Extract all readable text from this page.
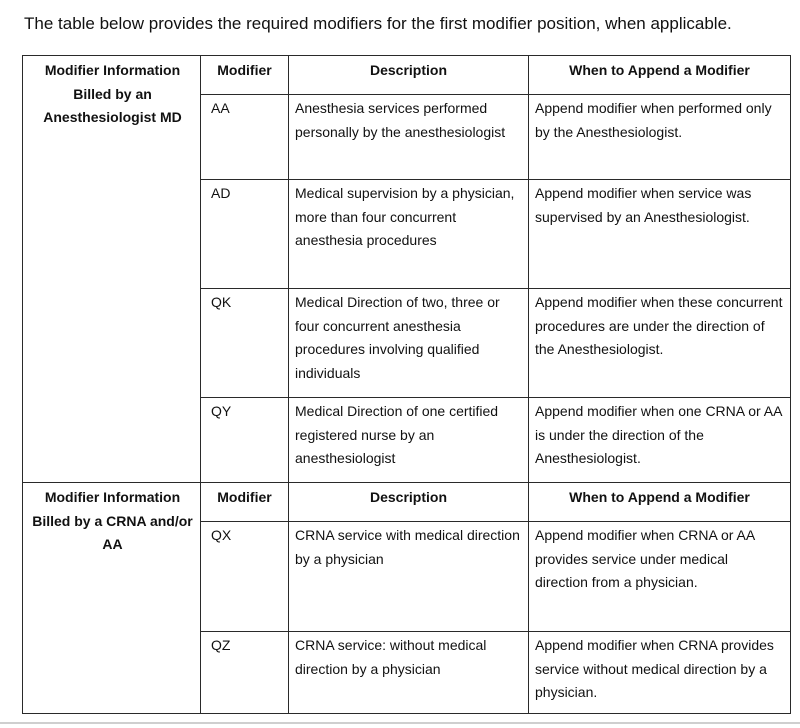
The table below provides the required modifiers for the first modifier position, when applicable.
Modifier Information Billed by an Anesthesiologist MD	Modifier	Description	When to Append a Modifier
	AA	Anesthesia services performed personally by the anesthesiologist	Append modifier when performed only by the Anesthesiologist.
	AD	Medical supervision by a physician, more than four concurrent anesthesia procedures	Append modifier when service was supervised by an Anesthesiologist.
	QK	Medical Direction of two, three or four concurrent anesthesia procedures involving qualified individuals	Append modifier when these concurrent procedures are under the direction of the Anesthesiologist.
	QY	Medical Direction of one certified registered nurse by an anesthesiologist	Append modifier when one CRNA or AA is under the direction of the Anesthesiologist.
Modifier Information Billed by a CRNA and/or AA	Modifier	Description	When to Append a Modifier
	QX	CRNA service with medical direction by a physician	Append modifier when CRNA or AA provides service under medical direction from a physician.
	QZ	CRNA service: without medical direction by a physician	Append modifier when CRNA provides service without medical direction by a physician.
